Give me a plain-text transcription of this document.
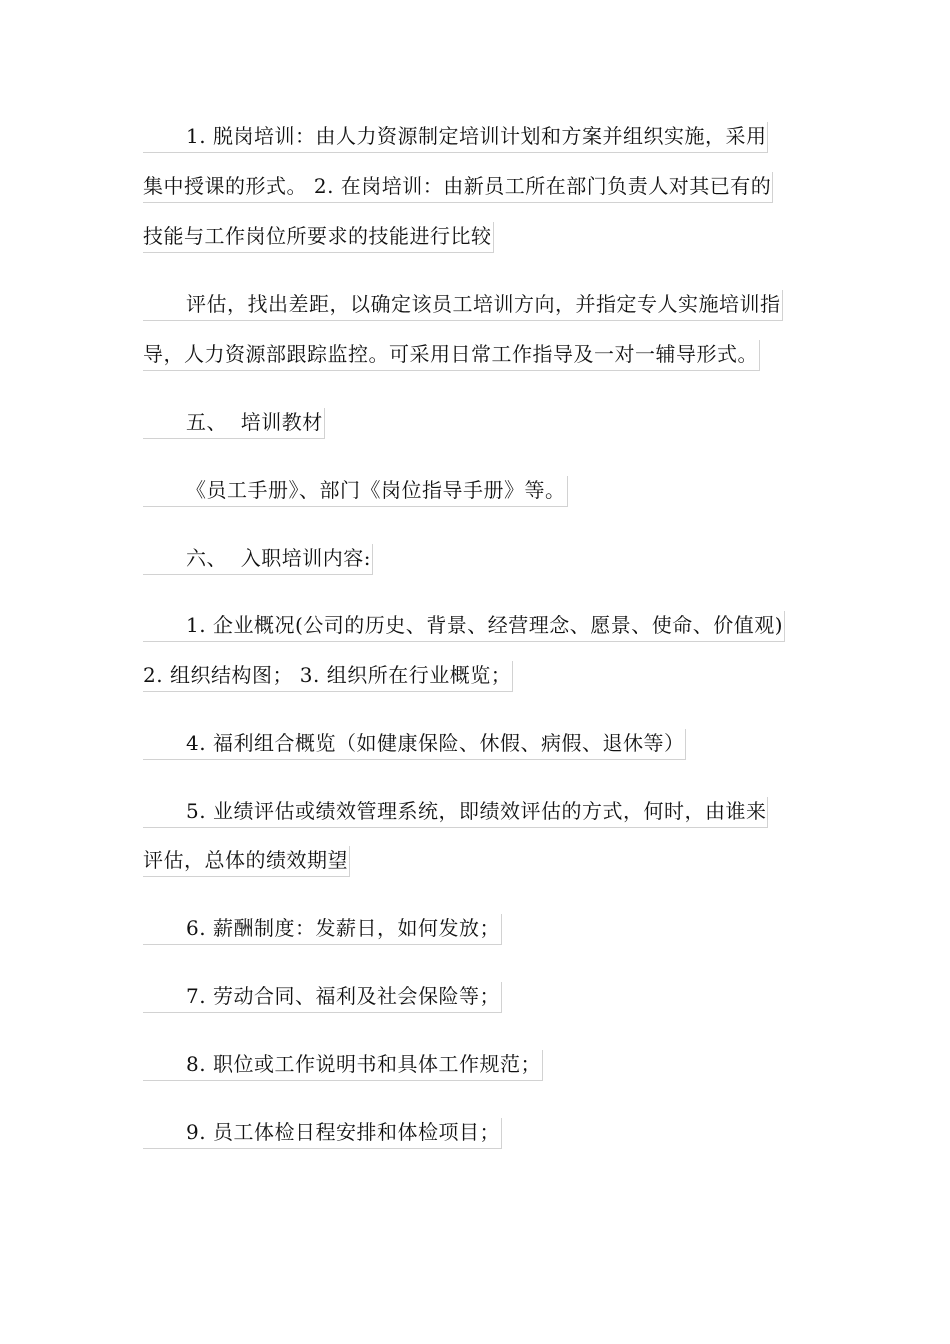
1. 脱岗培训：由人力资源制定培训计划和方案并组织实施，采用
集中授课的形式。 2. 在岗培训：由新员工所在部门负责人对其已有的
技能与工作岗位所要求的技能进行比较
评估，找出差距，以确定该员工培训方向，并指定专人实施培训指
导，人力资源部跟踪监控。可采用日常工作指导及一对一辅导形式。
五、  培训教材
《员工手册》、部门《岗位指导手册》等。
六、  入职培训内容:
1. 企业概况(公司的历史、背景、经营理念、愿景、使命、价值观)
2. 组织结构图； 3. 组织所在行业概览；
4. 福利组合概览（如健康保险、休假、病假、退休等）
5. 业绩评估或绩效管理系统，即绩效评估的方式，何时，由谁来
评估，总体的绩效期望
6. 薪酬制度：发薪日，如何发放；
7. 劳动合同、福利及社会保险等；
8. 职位或工作说明书和具体工作规范；
9. 员工体检日程安排和体检项目；
